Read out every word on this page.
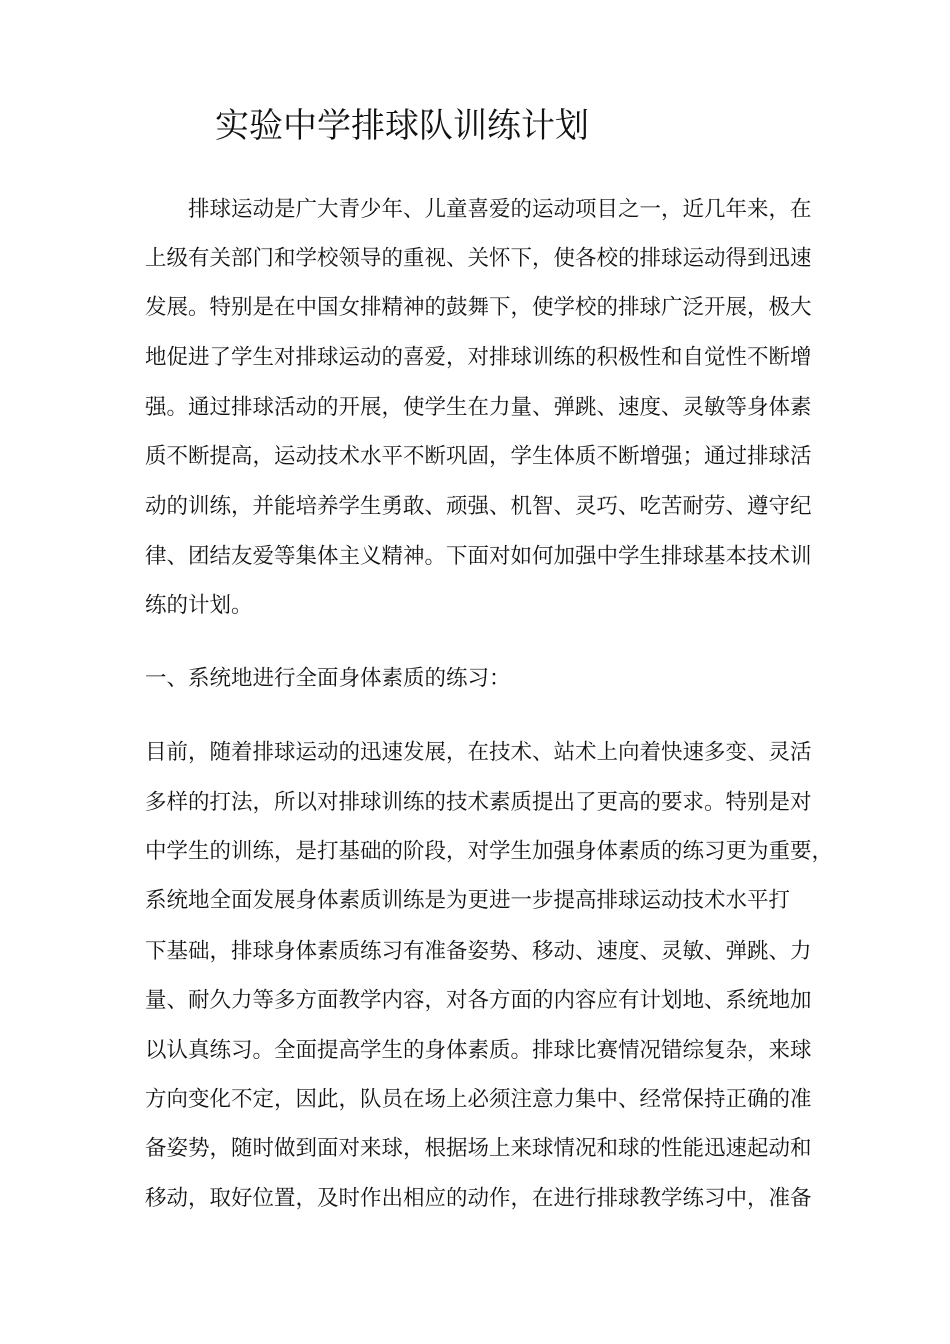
实验中学排球队训练计划
　　排球运动是广大青少年、儿童喜爱的运动项目之一，近几年来，在
上级有关部门和学校领导的重视、关怀下，使各校的排球运动得到迅速
发展。特别是在中国女排精神的鼓舞下，使学校的排球广泛开展，极大
地促进了学生对排球运动的喜爱，对排球训练的积极性和自觉性不断增
强。通过排球活动的开展，使学生在力量、弹跳、速度、灵敏等身体素
质不断提高，运动技术水平不断巩固，学生体质不断增强；通过排球活
动的训练，并能培养学生勇敢、顽强、机智、灵巧、吃苦耐劳、遵守纪
律、团结友爱等集体主义精神。下面对如何加强中学生排球基本技术训
练的计划。
一、系统地进行全面身体素质的练习：
目前，随着排球运动的迅速发展，在技术、站术上向着快速多变、灵活
多样的打法，所以对排球训练的技术素质提出了更高的要求。特别是对
中学生的训练，是打基础的阶段，对学生加强身体素质的练习更为重要，
系统地全面发展身体素质训练是为更进一步提高排球运动技术水平打
下基础，排球身体素质练习有准备姿势、移动、速度、灵敏、弹跳、力
量、耐久力等多方面教学内容，对各方面的内容应有计划地、系统地加
以认真练习。全面提高学生的身体素质。排球比赛情况错综复杂，来球
方向变化不定，因此，队员在场上必须注意力集中、经常保持正确的准
备姿势，随时做到面对来球，根据场上来球情况和球的性能迅速起动和
移动，取好位置，及时作出相应的动作，在进行排球教学练习中，准备
